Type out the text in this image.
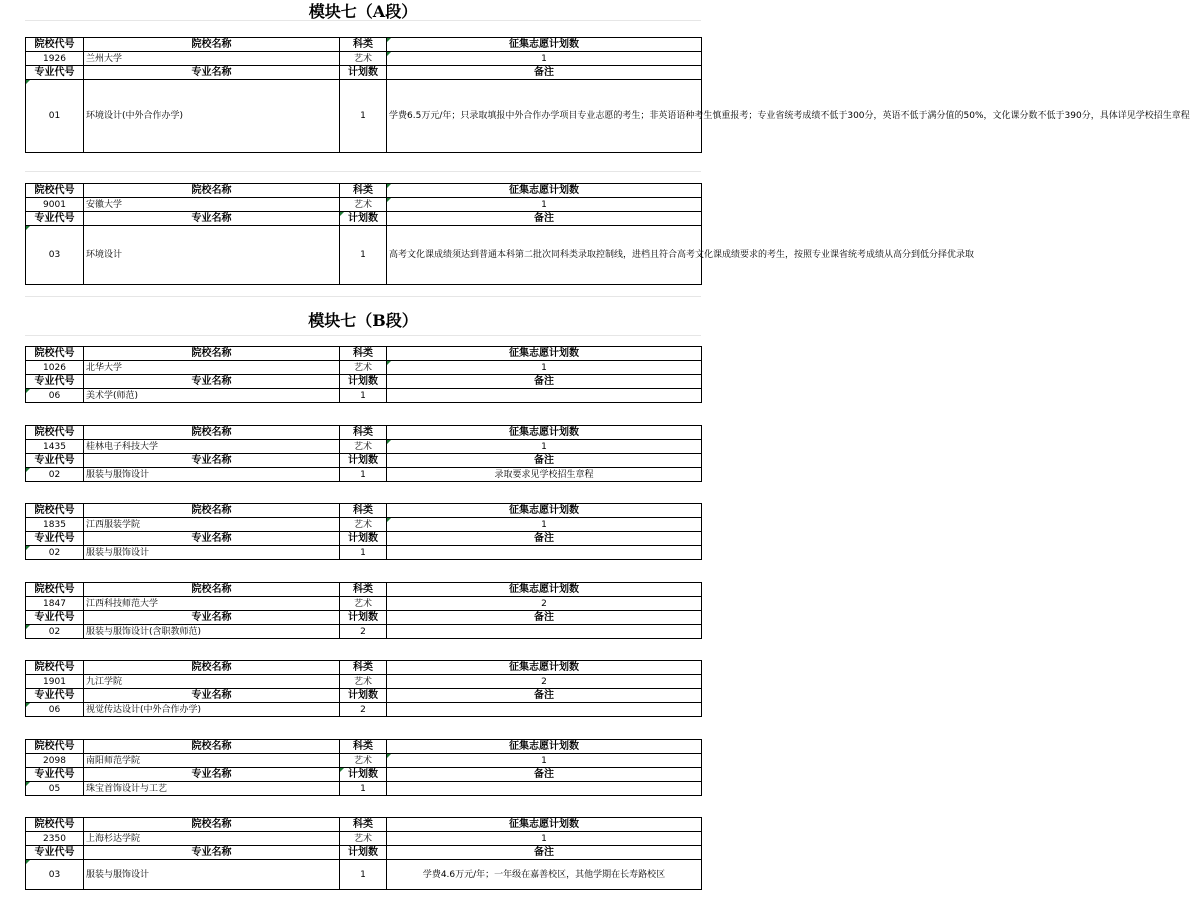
模块七（A段）
院校代号	院校名称	科类	征集志愿计划数
1926	兰州大学	艺术	1
专业代号	专业名称	计划数	备注
01	环境设计(中外合作办学)	1	学费6.5万元/年；只录取填报中外合作办学项目专业志愿的考生；非英语语种考生慎重报考；专业省统考成绩不低于300分，英语不低于满分值的50%，文化课分数不低于390分，具体详见学校招生章程
院校代号	院校名称	科类	征集志愿计划数
9001	安徽大学	艺术	1
专业代号	专业名称	计划数	备注
03	环境设计	1	高考文化课成绩须达到普通本科第二批次同科类录取控制线，进档且符合高考文化课成绩要求的考生，按照专业课省统考成绩从高分到低分择优录取
模块七（B段）
院校代号	院校名称	科类	征集志愿计划数
1026	北华大学	艺术	1
专业代号	专业名称	计划数	备注
06	美术学(师范)	1	
院校代号	院校名称	科类	征集志愿计划数
1435	桂林电子科技大学	艺术	1
专业代号	专业名称	计划数	备注
02	服装与服饰设计	1	录取要求见学校招生章程
院校代号	院校名称	科类	征集志愿计划数
1835	江西服装学院	艺术	1
专业代号	专业名称	计划数	备注
02	服装与服饰设计	1	
院校代号	院校名称	科类	征集志愿计划数
1847	江西科技师范大学	艺术	2
专业代号	专业名称	计划数	备注
02	服装与服饰设计(含职教师范)	2	
院校代号	院校名称	科类	征集志愿计划数
1901	九江学院	艺术	2
专业代号	专业名称	计划数	备注
06	视觉传达设计(中外合作办学)	2	
院校代号	院校名称	科类	征集志愿计划数
2098	南阳师范学院	艺术	1
专业代号	专业名称	计划数	备注
05	珠宝首饰设计与工艺	1	
院校代号	院校名称	科类	征集志愿计划数
2350	上海杉达学院	艺术	1
专业代号	专业名称	计划数	备注
03	服装与服饰设计	1	学费4.6万元/年；一年级在嘉善校区，其他学期在长寿路校区
